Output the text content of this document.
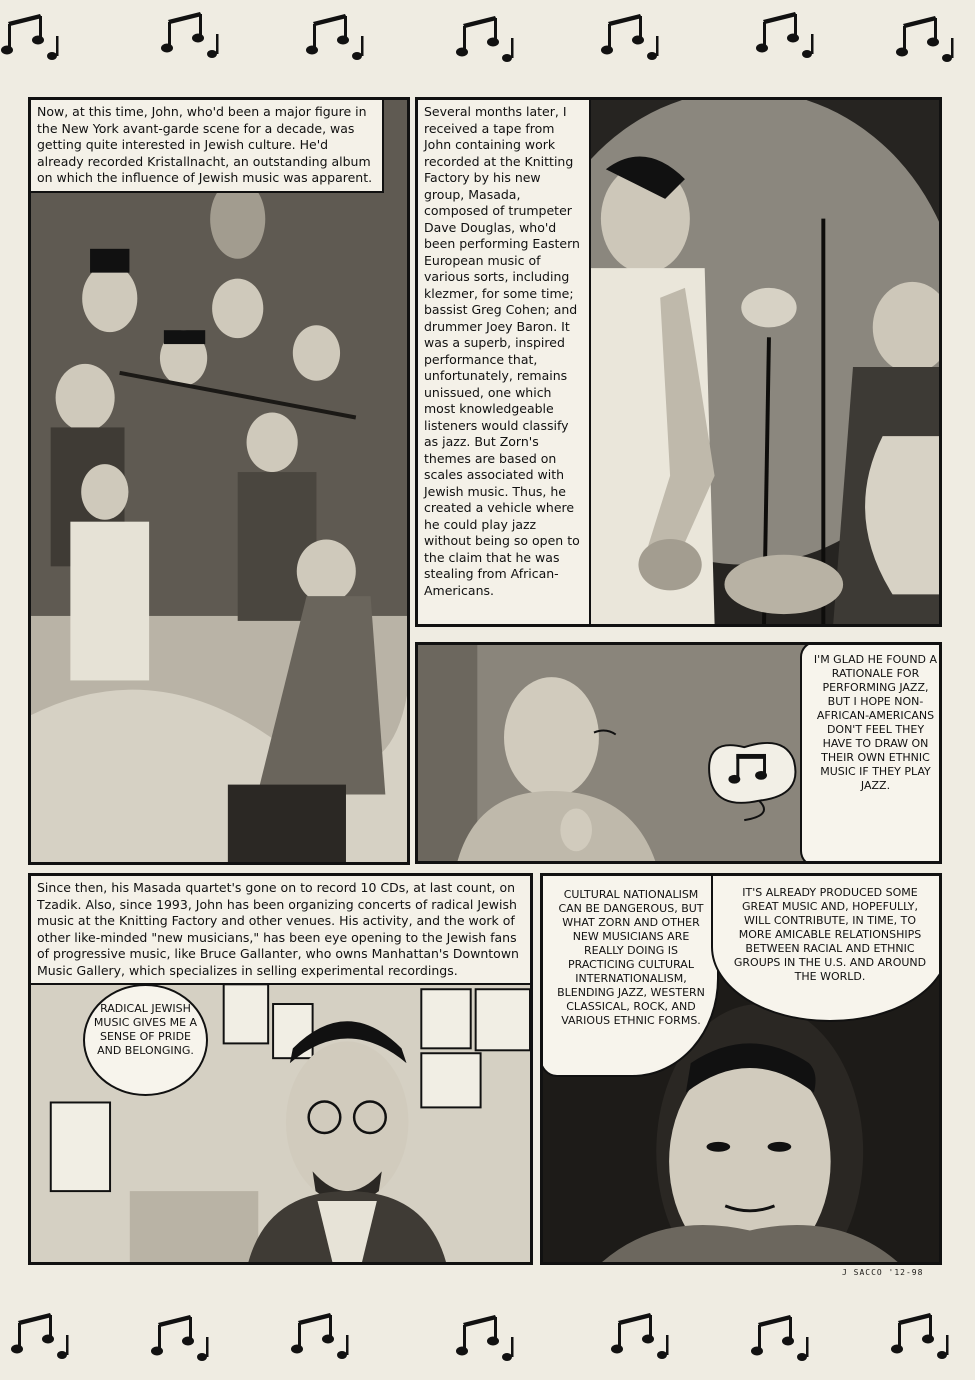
Now, at this time, John, who'd been a major figure in the New York avant-garde scene for a decade, was getting quite interested in Jewish culture. He'd already recorded Kristallnacht, an outstanding album on which the influence of Jewish music was apparent.
Several months later, I received a tape from John containing work recorded at the Knitting Factory by his new group, Masada, composed of trumpeter Dave Douglas, who'd been performing Eastern European music of various sorts, including klezmer, for some time; bassist Greg Cohen; and drummer Joey Baron. It was a superb, inspired performance that, unfortunately, remains unissued, one which most knowledgeable listeners would classify as jazz. But Zorn's themes are based on scales associated with Jewish music. Thus, he created a vehicle where he could play jazz without being so open to the claim that he was stealing from African-Americans.
I'M GLAD HE FOUND A RATIONALE FOR PERFORMING JAZZ, BUT I HOPE NON-AFRICAN-AMERICANS DON'T FEEL THEY HAVE TO DRAW ON THEIR OWN ETHNIC MUSIC IF THEY PLAY JAZZ.
Since then, his Masada quartet's gone on to record 10 CDs, at last count, on Tzadik. Also, since 1993, John has been organizing concerts of radical Jewish music at the Knitting Factory and other venues. His activity, and the work of other like-minded "new musicians," has been eye opening to the Jewish fans of progressive music, like Bruce Gallanter, who owns Manhattan's Downtown Music Gallery, which specializes in selling experimental recordings.
RADICAL JEWISH MUSIC GIVES ME A SENSE OF PRIDE AND BELONGING.
CULTURAL NATIONALISM CAN BE DANGEROUS, BUT WHAT ZORN AND OTHER NEW MUSICIANS ARE REALLY DOING IS PRACTICING CULTURAL INTERNATIONALISM, BLENDING JAZZ, WESTERN CLASSICAL, ROCK, AND VARIOUS ETHNIC FORMS.
IT'S ALREADY PRODUCED SOME GREAT MUSIC AND, HOPEFULLY, WILL CONTRIBUTE, IN TIME, TO MORE AMICABLE RELATIONSHIPS BETWEEN RACIAL AND ETHNIC GROUPS IN THE U.S. AND AROUND THE WORLD.
J SACCO '12-98
